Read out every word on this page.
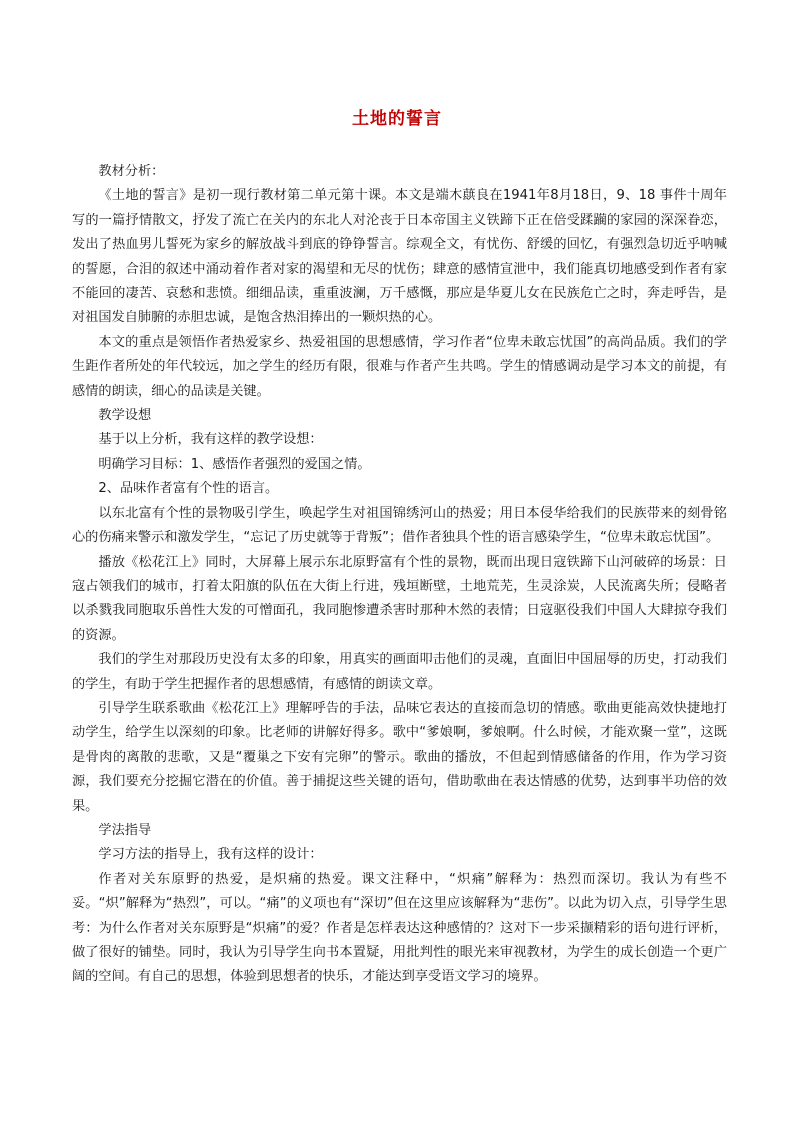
土地的誓言

教材分析：

《土地的誓言》是初一现行教材第二单元第十课。本文是端木蕻良在1941年8月18日，9、18 事件十周年写的一篇抒情散文，抒发了流亡在关内的东北人对沦丧于日本帝国主义铁蹄下正在倍受蹂躏的家园的深深眷恋，发出了热血男儿誓死为家乡的解放战斗到底的铮铮誓言。综观全文，有忧伤、舒缓的回忆，有强烈急切近乎呐喊的誓愿，合泪的叙述中涌动着作者对家的渴望和无尽的忧伤；肆意的感情宣泄中，我们能真切地感受到作者有家不能回的凄苦、哀愁和悲愤。细细品读，重重波澜，万千感慨，那应是华夏儿女在民族危亡之时，奔走呼告，是对祖国发自肺腑的赤胆忠诚，是饱含热泪捧出的一颗炽热的心。

本文的重点是领悟作者热爱家乡、热爱祖国的思想感情，学习作者“位卑未敢忘忧国”的高尚品质。我们的学生距作者所处的年代较远，加之学生的经历有限，很难与作者产生共鸣。学生的情感调动是学习本文的前提，有感情的朗读，细心的品读是关键。

教学设想

基于以上分析，我有这样的教学设想：

明确学习目标：1、感悟作者强烈的爱国之情。

2、品味作者富有个性的语言。

以东北富有个性的景物吸引学生，唤起学生对祖国锦绣河山的热爱；用日本侵华给我们的民族带来的刻骨铭心的伤痛来警示和激发学生，“忘记了历史就等于背叛”；借作者独具个性的语言感染学生，“位卑未敢忘忧国”。

播放《松花江上》同时，大屏幕上展示东北原野富有个性的景物，既而出现日寇铁蹄下山河破碎的场景：日寇占领我们的城市，打着太阳旗的队伍在大街上行进，残垣断壁，土地荒芜，生灵涂炭，人民流离失所；侵略者以杀戮我同胞取乐兽性大发的可憎面孔，我同胞惨遭杀害时那种木然的表情；日寇驱役我们中国人大肆掠夺我们的资源。

我们的学生对那段历史没有太多的印象，用真实的画面叩击他们的灵魂，直面旧中国屈辱的历史，打动我们的学生，有助于学生把握作者的思想感情，有感情的朗读文章。

引导学生联系歌曲《松花江上》理解呼告的手法，品味它表达的直接而急切的情感。歌曲更能高效快捷地打动学生，给学生以深刻的印象。比老师的讲解好得多。歌中“爹娘啊，爹娘啊。什么时候，才能欢聚一堂”，这既是骨肉的离散的悲歌，又是“覆巢之下安有完卵”的警示。歌曲的播放，不但起到情感储备的作用，作为学习资源，我们要充分挖掘它潜在的价值。善于捕捉这些关键的语句，借助歌曲在表达情感的优势，达到事半功倍的效果。

学法指导

学习方法的指导上，我有这样的设计：

作者对关东原野的热爱，是炽痛的热爱。课文注释中，“炽痛”解释为：热烈而深切。我认为有些不妥。“炽”解释为“热烈”，可以。“痛”的义项也有“深切”但在这里应该解释为“悲伤”。以此为切入点，引导学生思考：为什么作者对关东原野是“炽痛”的爱？作者是怎样表达这种感情的？这对下一步采撷精彩的语句进行评析，做了很好的铺垫。同时，我认为引导学生向书本置疑，用批判性的眼光来审视教材，为学生的成长创造一个更广阔的空间。有自己的思想，体验到思想者的快乐，才能达到享受语文学习的境界。
